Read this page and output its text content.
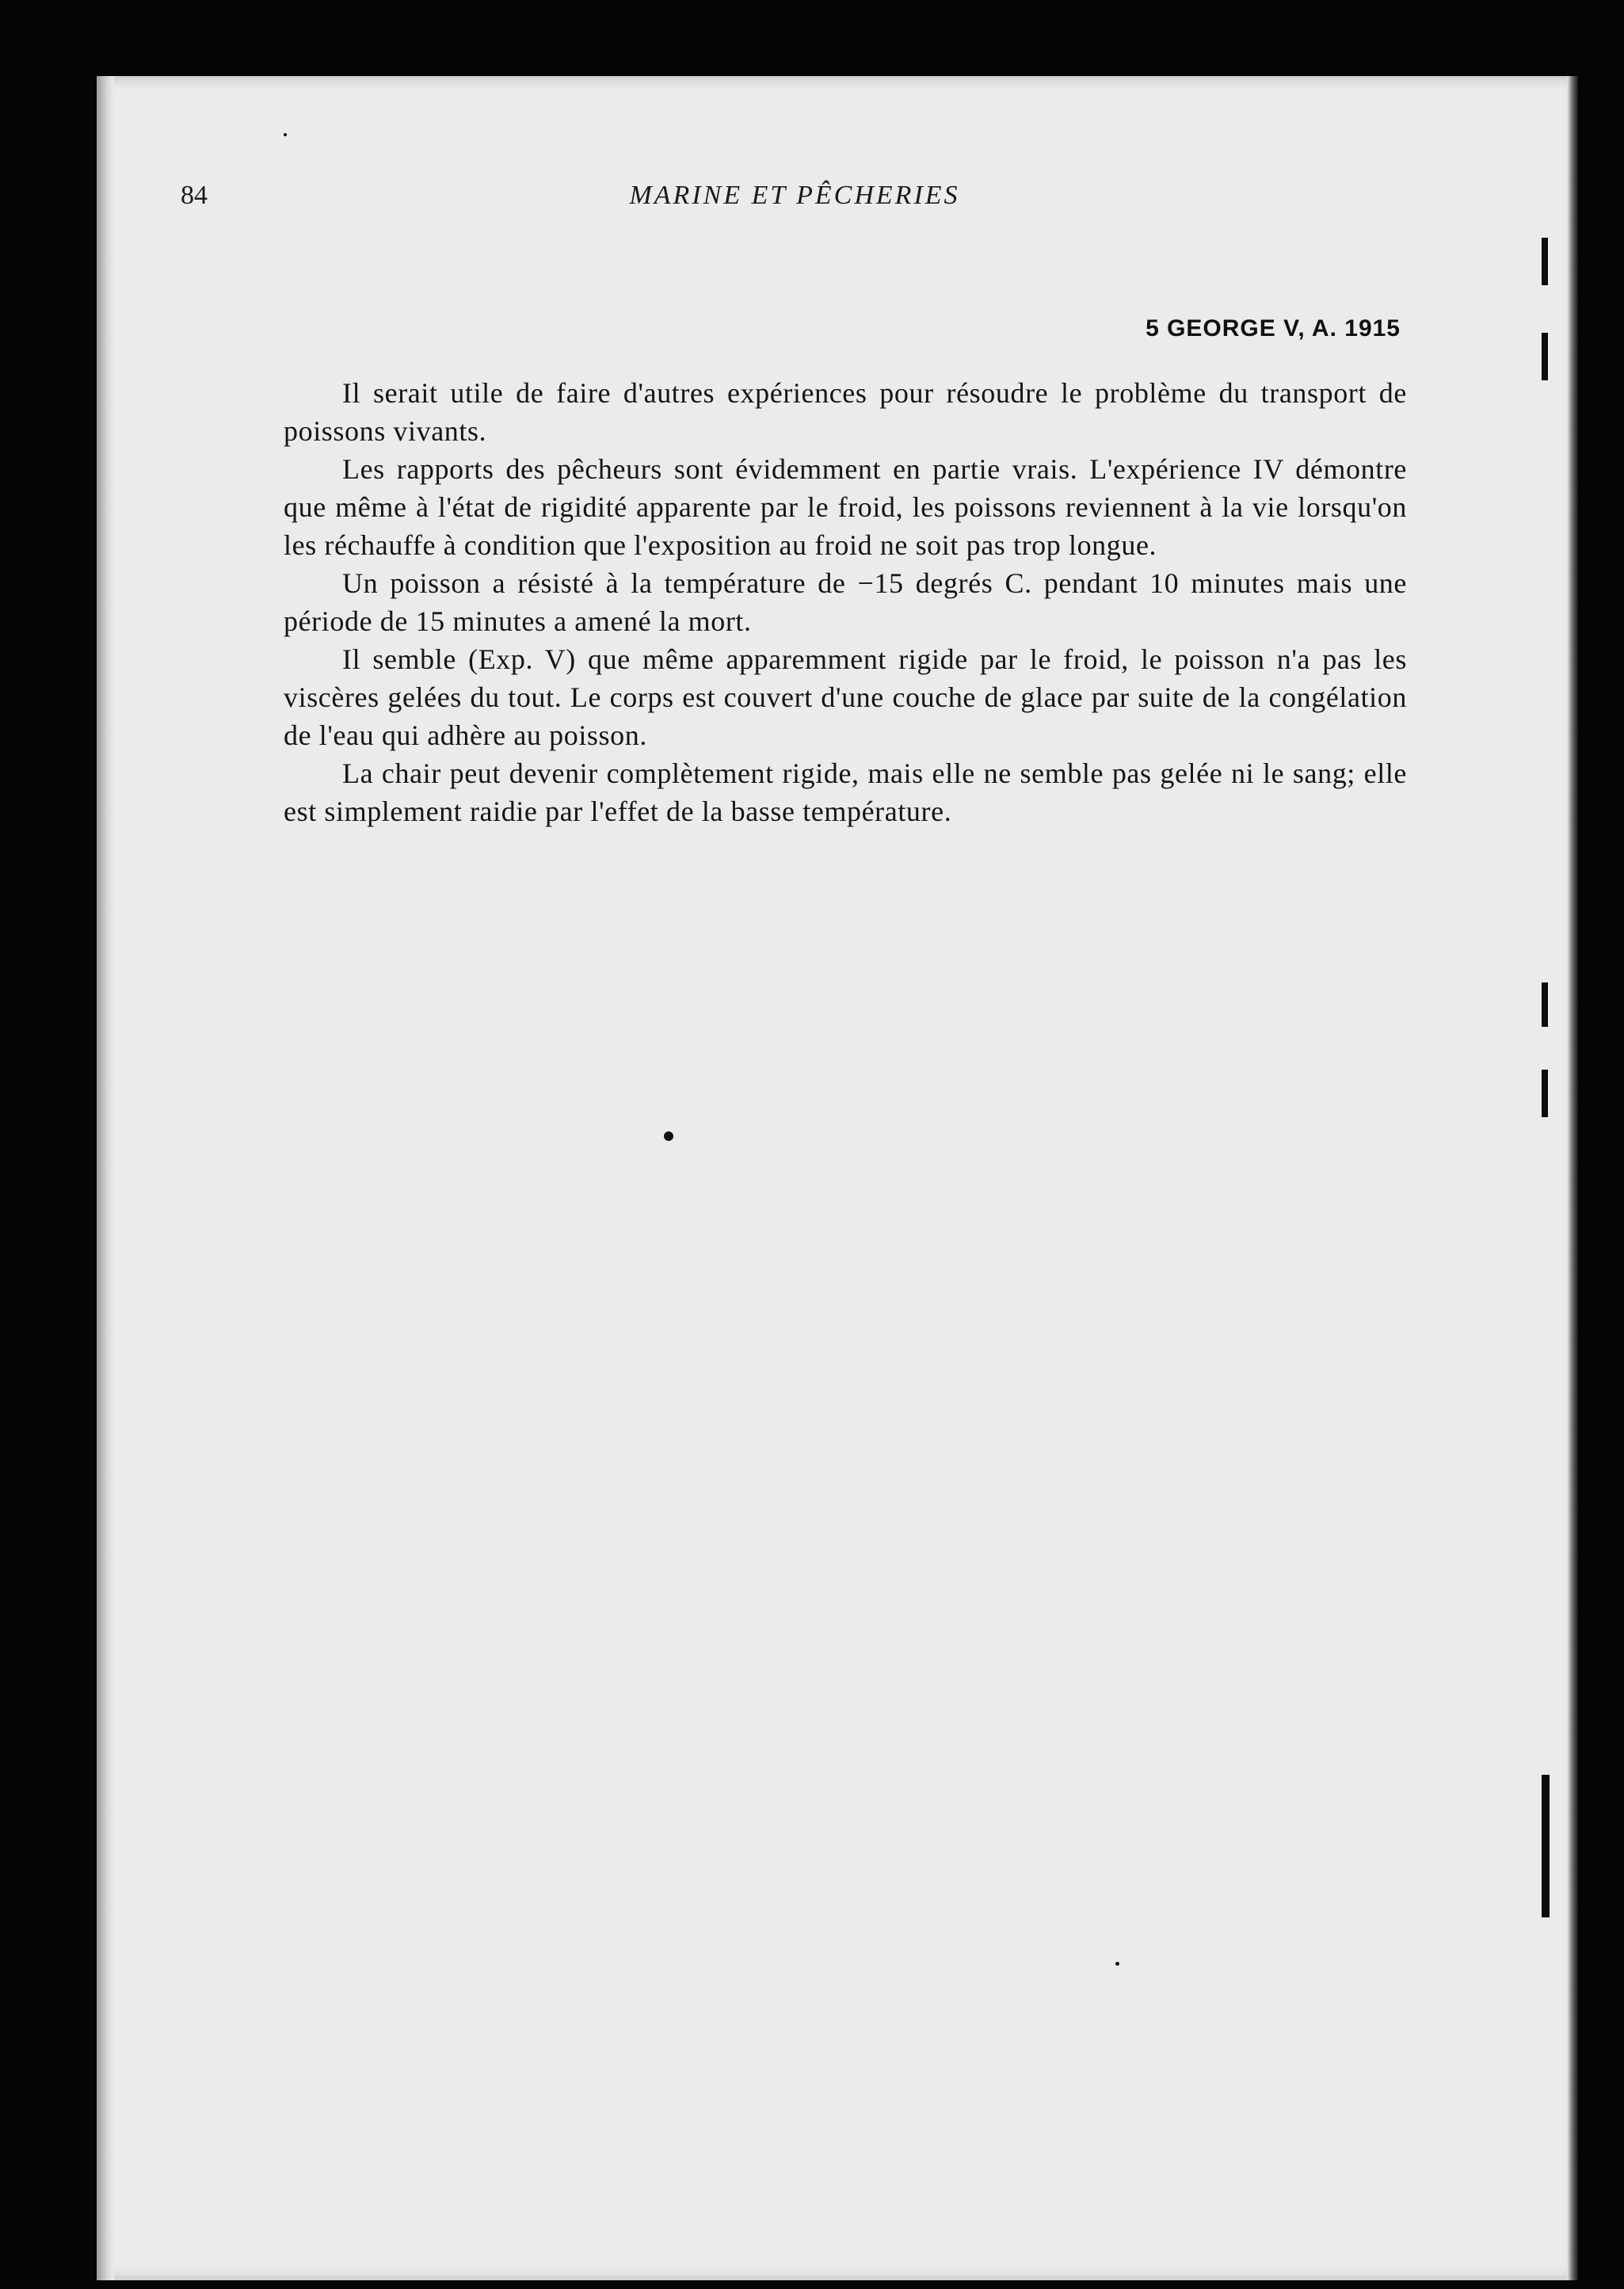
84	MARINE ET PÊCHERIES
5 GEORGE V, A. 1915

Il serait utile de faire d'autres expériences pour résoudre le problème du transport de poissons vivants.

Les rapports des pêcheurs sont évidemment en partie vrais. L'expérience IV démontre que même à l'état de rigidité apparente par le froid, les poissons reviennent à la vie lorsqu'on les réchauffe à condition que l'exposition au froid ne soit pas trop longue.

Un poisson a résisté à la température de −15 degrés C. pendant 10 minutes mais une période de 15 minutes a amené la mort.

Il semble (Exp. V) que même apparemment rigide par le froid, le poisson n'a pas les viscères gelées du tout. Le corps est couvert d'une couche de glace par suite de la congélation de l'eau qui adhère au poisson.

La chair peut devenir complètement rigide, mais elle ne semble pas gelée ni le sang; elle est simplement raidie par l'effet de la basse température.
